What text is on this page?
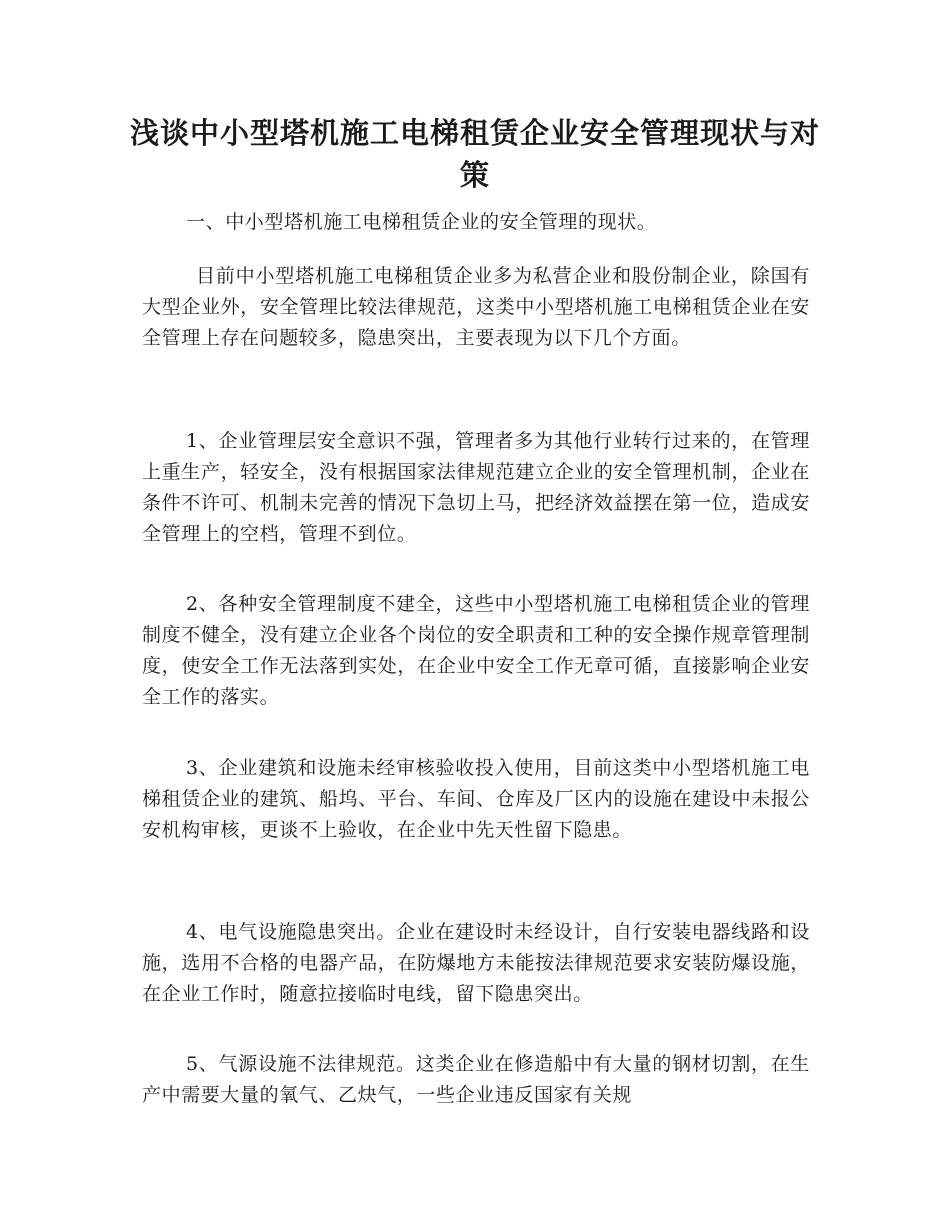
浅谈中小型塔机施工电梯租赁企业安全管理现状与对策

一、中小型塔机施工电梯租赁企业的安全管理的现状。

目前中小型塔机施工电梯租赁企业多为私营企业和股份制企业，除国有大型企业外，安全管理比较法律规范，这类中小型塔机施工电梯租赁企业在安全管理上存在问题较多，隐患突出，主要表现为以下几个方面。

1、企业管理层安全意识不强，管理者多为其他行业转行过来的，在管理上重生产，轻安全，没有根据国家法律规范建立企业的安全管理机制，企业在条件不许可、机制未完善的情况下急切上马，把经济效益摆在第一位，造成安全管理上的空档，管理不到位。

2、各种安全管理制度不建全，这些中小型塔机施工电梯租赁企业的管理制度不健全，没有建立企业各个岗位的安全职责和工种的安全操作规章管理制度，使安全工作无法落到实处，在企业中安全工作无章可循，直接影响企业安全工作的落实。

3、企业建筑和设施未经审核验收投入使用，目前这类中小型塔机施工电梯租赁企业的建筑、船坞、平台、车间、仓库及厂区内的设施在建设中未报公安机构审核，更谈不上验收，在企业中先天性留下隐患。

4、电气设施隐患突出。企业在建设时未经设计，自行安装电器线路和设施，选用不合格的电器产品，在防爆地方未能按法律规范要求安装防爆设施，在企业工作时，随意拉接临时电线，留下隐患突出。

5、气源设施不法律规范。这类企业在修造船中有大量的钢材切割，在生产中需要大量的氧气、乙炔气，一些企业违反国家有关规
